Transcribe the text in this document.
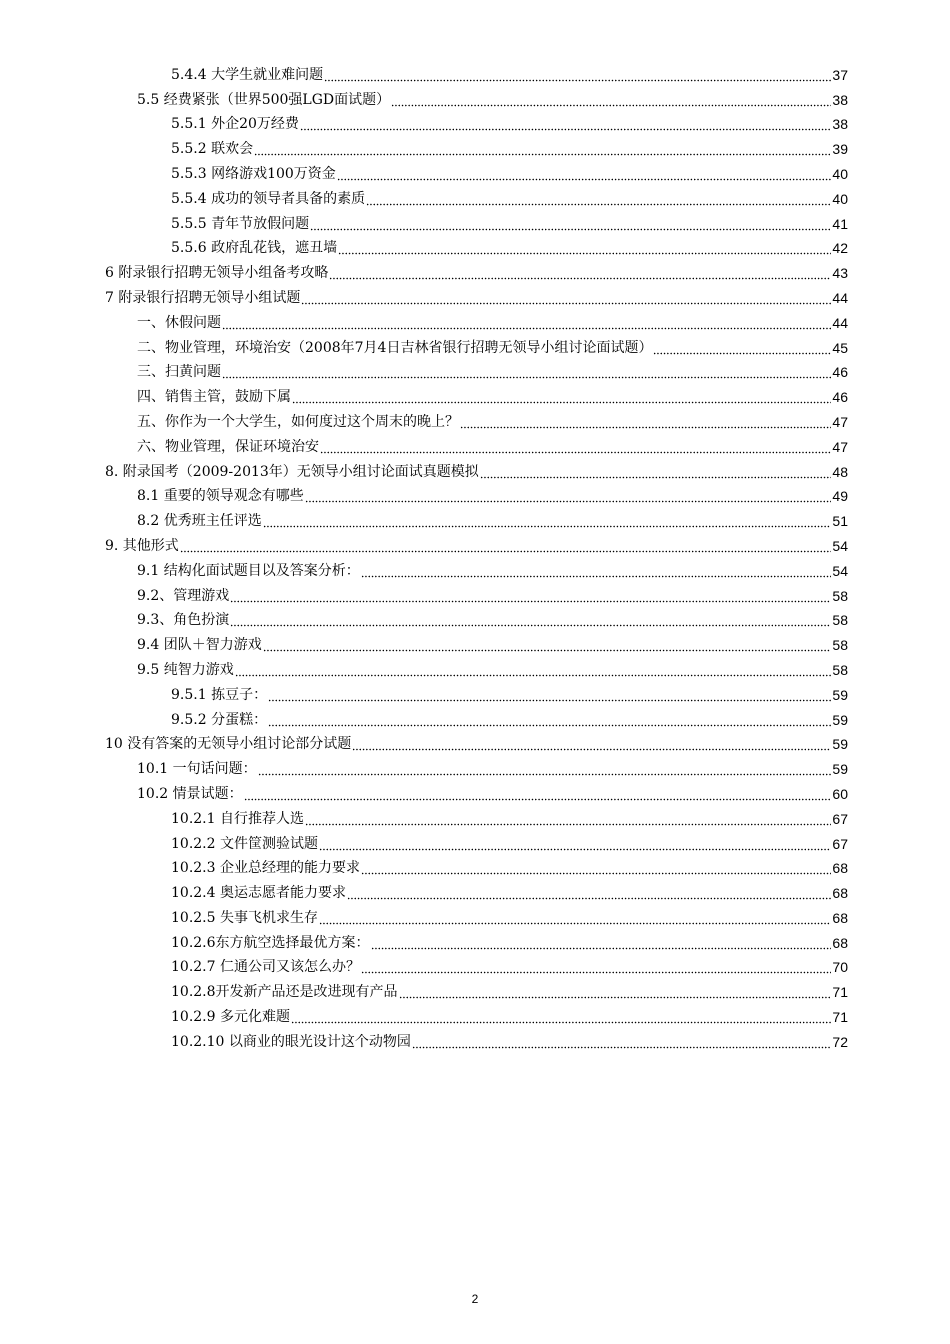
5.4.4 大学生就业难问题	37
5.5 经费紧张（世界500强LGD面试题）	38
5.5.1 外企20万经费	38
5.5.2 联欢会	39
5.5.3 网络游戏100万资金	40
5.5.4 成功的领导者具备的素质	40
5.5.5 青年节放假问题	41
5.5.6 政府乱花钱，遮丑墙	42
6 附录银行招聘无领导小组备考攻略	43
7 附录银行招聘无领导小组试题	44
一、休假问题	44
二、物业管理，环境治安（2008年7月4日吉林省银行招聘无领导小组讨论面试题）	45
三、扫黄问题	46
四、销售主管，鼓励下属	46
五、你作为一个大学生，如何度过这个周末的晚上？	47
六、物业管理，保证环境治安	47
8. 附录国考（2009-2013年）无领导小组讨论面试真题模拟	48
8.1 重要的领导观念有哪些	49
8.2 优秀班主任评选	51
9. 其他形式	54
9.1 结构化面试题目以及答案分析：	54
9.2、管理游戏	58
9.3、角色扮演	58
9.4 团队＋智力游戏	58
9.5 纯智力游戏	58
9.5.1 拣豆子：	59
9.5.2 分蛋糕：	59
10 没有答案的无领导小组讨论部分试题	59
10.1 一句话问题：	59
10.2 情景试题：	60
10.2.1 自行推荐人选	67
10.2.2 文件筐测验试题	67
10.2.3 企业总经理的能力要求	68
10.2.4 奥运志愿者能力要求	68
10.2.5 失事飞机求生存	68
10.2.6东方航空选择最优方案：	68
10.2.7 仁通公司又该怎么办？	70
10.2.8开发新产品还是改进现有产品	71
10.2.9 多元化难题	71
10.2.10 以商业的眼光设计这个动物园	72
2
